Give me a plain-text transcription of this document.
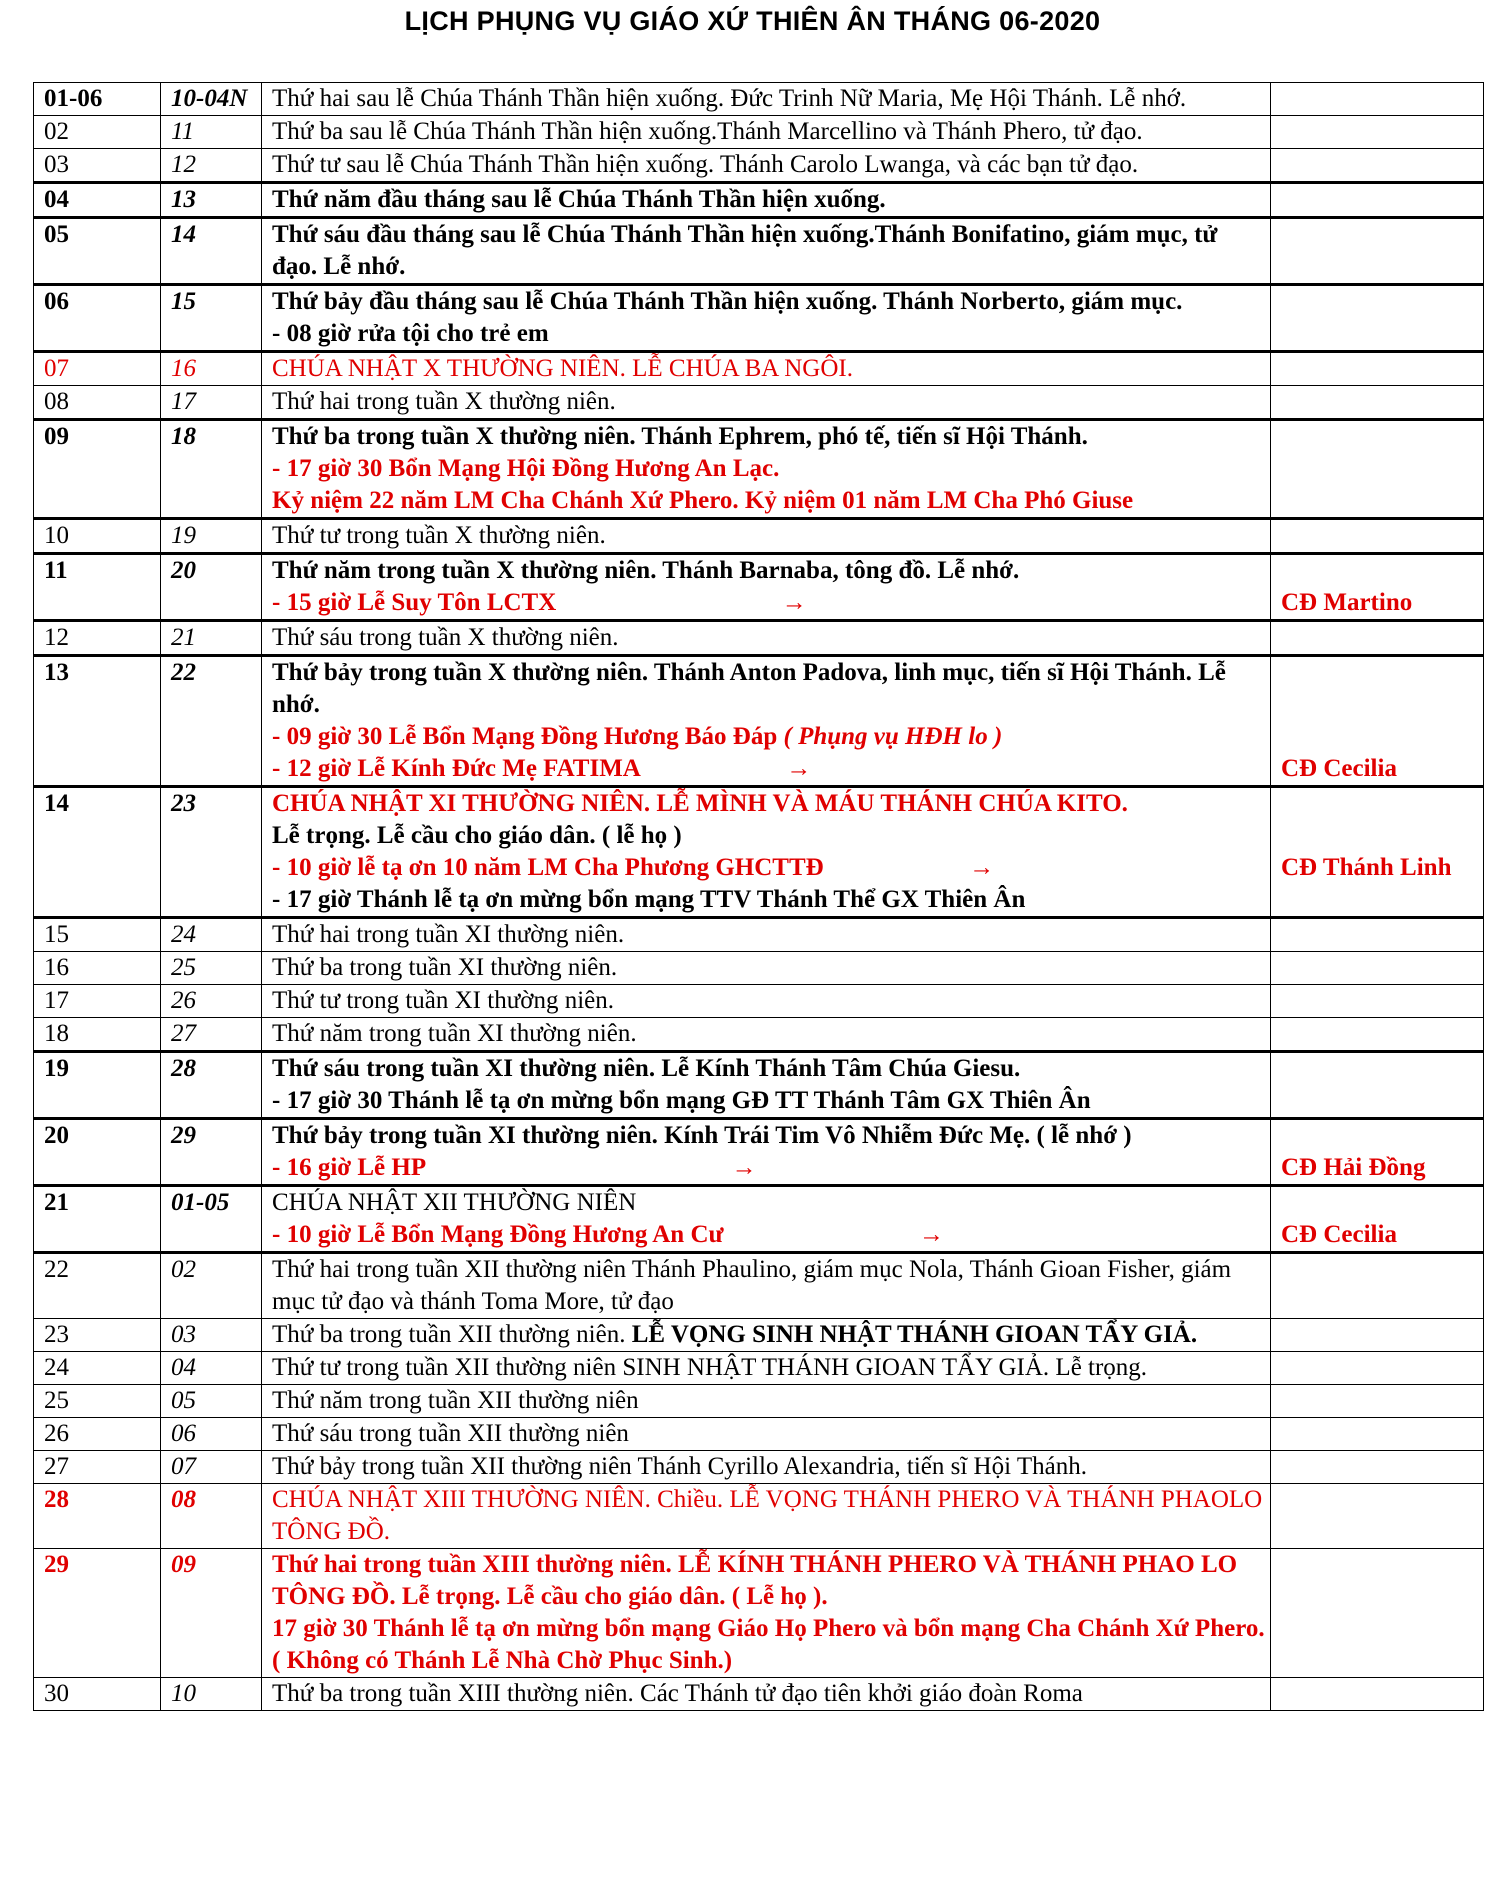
LỊCH PHỤNG VỤ GIÁO XỨ THIÊN ÂN THÁNG 06-2020
01-06	10-04N	Thứ hai sau lễ Chúa Thánh Thần hiện xuống. Đức Trinh Nữ Maria, Mẹ Hội Thánh. Lễ nhớ.	

02	11	Thứ ba sau lễ Chúa Thánh Thần hiện xuống.Thánh Marcellino và Thánh Phero, tử đạo.	

03	12	Thứ tư sau lễ Chúa Thánh Thần hiện xuống. Thánh Carolo Lwanga, và các bạn tử đạo.	

04	13	Thứ năm đầu tháng sau lễ Chúa Thánh Thần hiện xuống.	

05	14	Thứ sáu đầu tháng sau lễ Chúa Thánh Thần hiện xuống.Thánh Bonifatino, giám mục, tử đạo. Lễ nhớ.	

06	15	Thứ bảy đầu tháng sau lễ Chúa Thánh Thần hiện xuống. Thánh Norberto, giám mục.
- 08 giờ rửa tội cho trẻ em	

07	16	CHÚA NHẬT X THƯỜNG NIÊN. LỄ CHÚA BA NGÔI.	

08	17	Thứ hai trong tuần X thường niên.	

09	18	Thứ ba trong tuần X thường niên. Thánh Ephrem, phó tế, tiến sĩ Hội Thánh.
- 17 giờ 30 Bổn Mạng Hội Đồng Hương An Lạc.
Kỷ niệm 22 năm LM Cha Chánh Xứ Phero. Kỷ niệm 01 năm LM Cha Phó Giuse	

10	19	Thứ tư trong tuần X thường niên.	

11	20	Thứ năm trong tuần X thường niên. Thánh Barnaba, tông đồ. Lễ nhớ.
- 15 giờ Lễ Suy Tôn LCTX →	CĐ Martino

12	21	Thứ sáu trong tuần X thường niên.	

13	22	Thứ bảy trong tuần X thường niên. Thánh Anton Padova, linh mục, tiến sĩ Hội Thánh. Lễ nhớ.
- 09 giờ 30 Lễ Bổn Mạng Đồng Hương Báo Đáp ( Phụng vụ HĐH lo )
- 12 giờ Lễ Kính Đức Mẹ FATIMA →	CĐ Cecilia

14	23	CHÚA NHẬT XI THƯỜNG NIÊN. LỄ MÌNH VÀ MÁU THÁNH CHÚA KITO.
Lễ trọng. Lễ cầu cho giáo dân. ( lễ họ )
- 10 giờ lễ tạ ơn 10 năm LM Cha Phương GHCTTĐ →
- 17 giờ Thánh lễ tạ ơn mừng bổn mạng TTV Thánh Thể GX Thiên Ân	CĐ Thánh Linh

15	24	Thứ hai trong tuần XI thường niên.	

16	25	Thứ ba trong tuần XI thường niên.	

17	26	Thứ tư trong tuần XI thường niên.	

18	27	Thứ năm trong tuần XI thường niên.	

19	28	Thứ sáu trong tuần XI thường niên. Lễ Kính Thánh Tâm Chúa Giesu.
- 17 giờ 30 Thánh lễ tạ ơn mừng bổn mạng GĐ TT Thánh Tâm GX Thiên Ân	

20	29	Thứ bảy trong tuần XI thường niên. Kính Trái Tim Vô Nhiễm Đức Mẹ. ( lễ nhớ )
- 16 giờ Lễ HP →	CĐ Hải Đồng

21	01-05	CHÚA NHẬT XII THƯỜNG NIÊN
- 10 giờ Lễ Bổn Mạng Đồng Hương An Cư →	CĐ Cecilia

22	02	Thứ hai trong tuần XII thường niên Thánh Phaulino, giám mục Nola, Thánh Gioan Fisher, giám mục tử đạo và thánh Toma More, tử đạo	

23	03	Thứ ba trong tuần XII thường niên. LỄ VỌNG SINH NHẬT THÁNH GIOAN TẨY GIẢ.	
24	04	Thứ tư trong tuần XII thường niên SINH NHẬT THÁNH GIOAN TẨY GIẢ. Lễ trọng.	

25	05	Thứ năm trong tuần XII thường niên	

26	06	Thứ sáu trong tuần XII thường niên	

27	07	Thứ bảy trong tuần XII thường niên Thánh Cyrillo Alexandria, tiến sĩ Hội Thánh.	

28	08	CHÚA NHẬT XIII THƯỜNG NIÊN. Chiều. LỄ VỌNG THÁNH PHERO VÀ THÁNH PHAOLO TÔNG ĐỒ.	

29	09	Thứ hai trong tuần XIII thường niên. LỄ KÍNH THÁNH PHERO VÀ THÁNH PHAO LO TÔNG ĐỒ. Lễ trọng. Lễ cầu cho giáo dân. ( Lễ họ ).
17 giờ 30 Thánh lễ tạ ơn mừng bổn mạng Giáo Họ Phero và bổn mạng Cha Chánh Xứ Phero.
( Không có Thánh Lễ Nhà Chờ Phục Sinh.)	

30	10	Thứ ba trong tuần XIII thường niên. Các Thánh tử đạo tiên khởi giáo đoàn Roma	
